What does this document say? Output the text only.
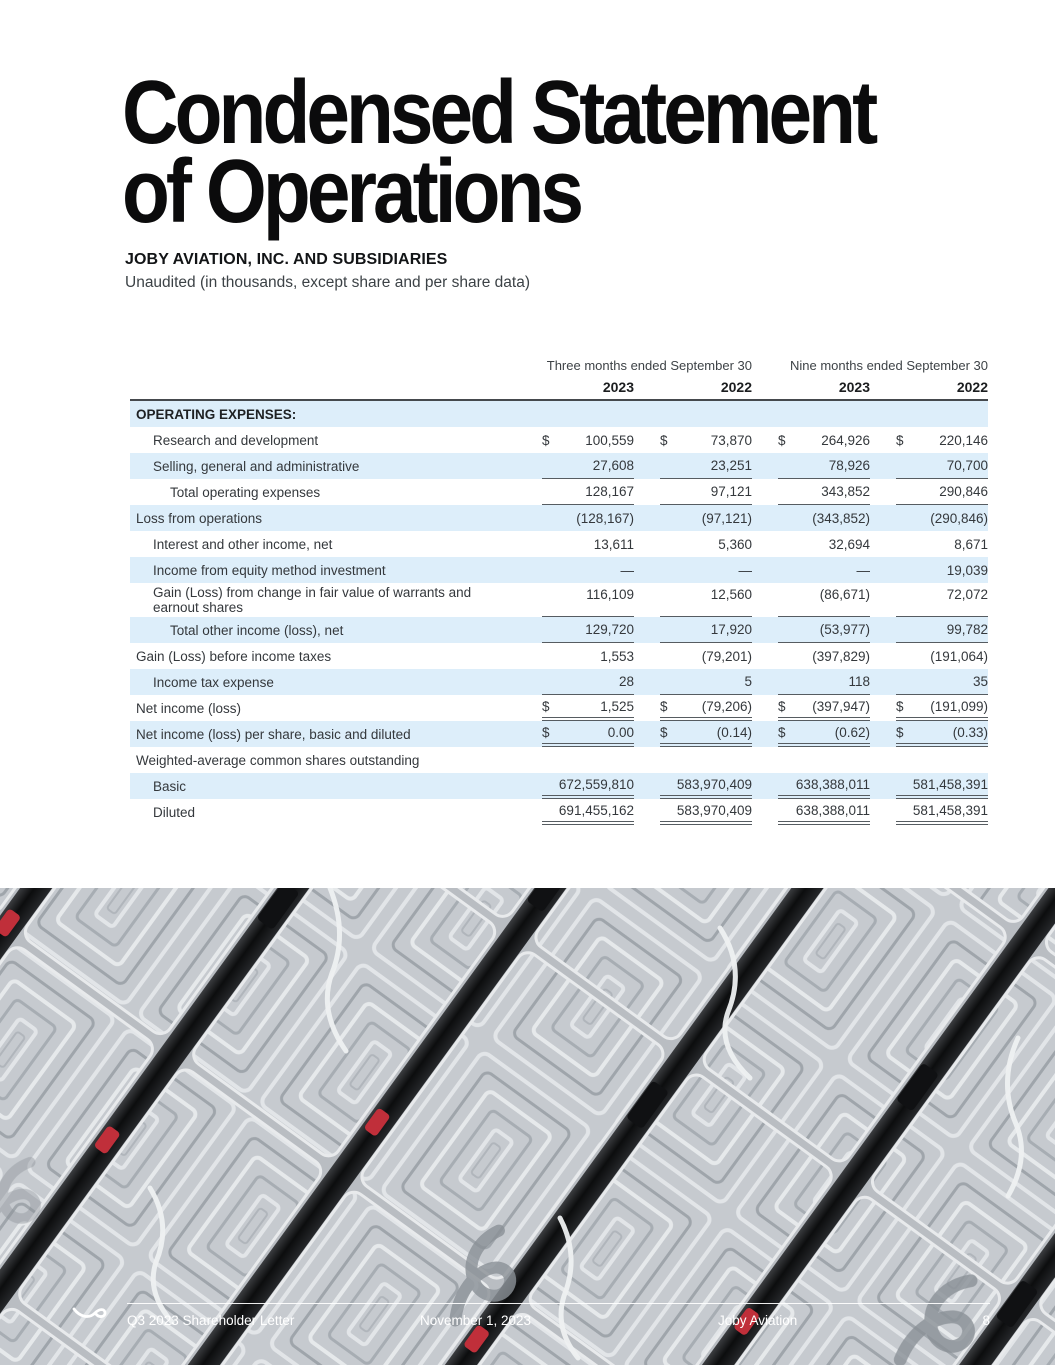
Condensed Statement
of Operations
JOBY AVIATION, INC. AND SUBSIDIARIES
Unaudited (in thousands, except share and per share data)
Three months ended September 30	Nine months ended September 30
2023	2022	2023	2022
OPERATING EXPENSES:
Research and development	$	100,559 $	73,870 $	264,926 $	220,146
Selling, general and administrative	27,608	23,251	78,926	70,700
Total operating expenses	128,167	97,121	343,852	290,846
Loss from operations	(128,167)	(97,121)	(343,852)	(290,846)
Interest and other income, net	13,611	5,360	32,694	8,671
Income from equity method investment	—	—	—	19,039
Gain (Loss) from change in fair value of warrants and earnout shares
116,109	12,560	(86,671)	72,072
Total other income (loss), net	129,720	17,920	(53,977)	99,782
Gain (Loss) before income taxes	1,553	(79,201)	(397,829)	(191,064)
Income tax expense	28	5	118	35
Net income (loss)	$	1,525 $	(79,206) $ (397,947) $ (191,099)
Net income (loss) per share, basic and diluted	$	0.00 $	(0.14) $	(0.62) $	(0.33)
Weighted-average common shares outstanding
Basic	672,559,810	583,970,409	638,388,011	581,458,391
Diluted	691,455,162	583,970,409	638,388,011	581,458,391
Q3 2023 Shareholder Letter	November 1, 2023	Joby Aviation	8
